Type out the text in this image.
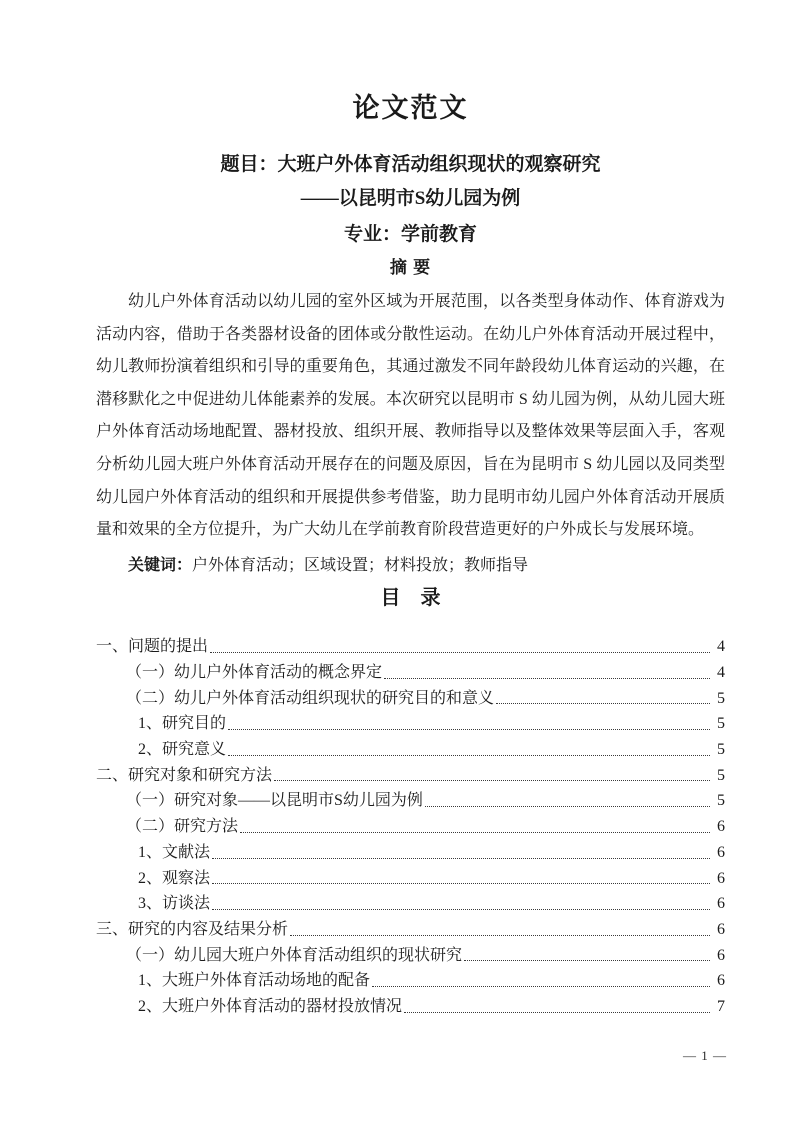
论文范文
题目：大班户外体育活动组织现状的观察研究
——以昆明市S幼儿园为例
专业：学前教育
摘 要

幼儿户外体育活动以幼儿园的室外区域为开展范围，以各类型身体动作、体育游戏为活动内容，借助于各类器材设备的团体或分散性运动。在幼儿户外体育活动开展过程中，幼儿教师扮演着组织和引导的重要角色，其通过激发不同年龄段幼儿体育运动的兴趣，在潜移默化之中促进幼儿体能素养的发展。本次研究以昆明市 S 幼儿园为例，从幼儿园大班户外体育活动场地配置、器材投放、组织开展、教师指导以及整体效果等层面入手，客观分析幼儿园大班户外体育活动开展存在的问题及原因，旨在为昆明市 S 幼儿园以及同类型幼儿园户外体育活动的组织和开展提供参考借鉴，助力昆明市幼儿园户外体育活动开展质量和效果的全方位提升，为广大幼儿在学前教育阶段营造更好的户外成长与发展环境。

关键词：户外体育活动；区域设置；材料投放；教师指导

目　录
一、问题的提出	4
（一）幼儿户外体育活动的概念界定	4
（二）幼儿户外体育活动组织现状的研究目的和意义	5
1、研究目的	5
2、研究意义	5
二、研究对象和研究方法	5
（一）研究对象——以昆明市S幼儿园为例	5
（二）研究方法	6
1、文献法	6
2、观察法	6
3、访谈法	6
三、研究的内容及结果分析	6
（一）幼儿园大班户外体育活动组织的现状研究	6
1、大班户外体育活动场地的配备	6
2、大班户外体育活动的器材投放情况	7
— 1 —
